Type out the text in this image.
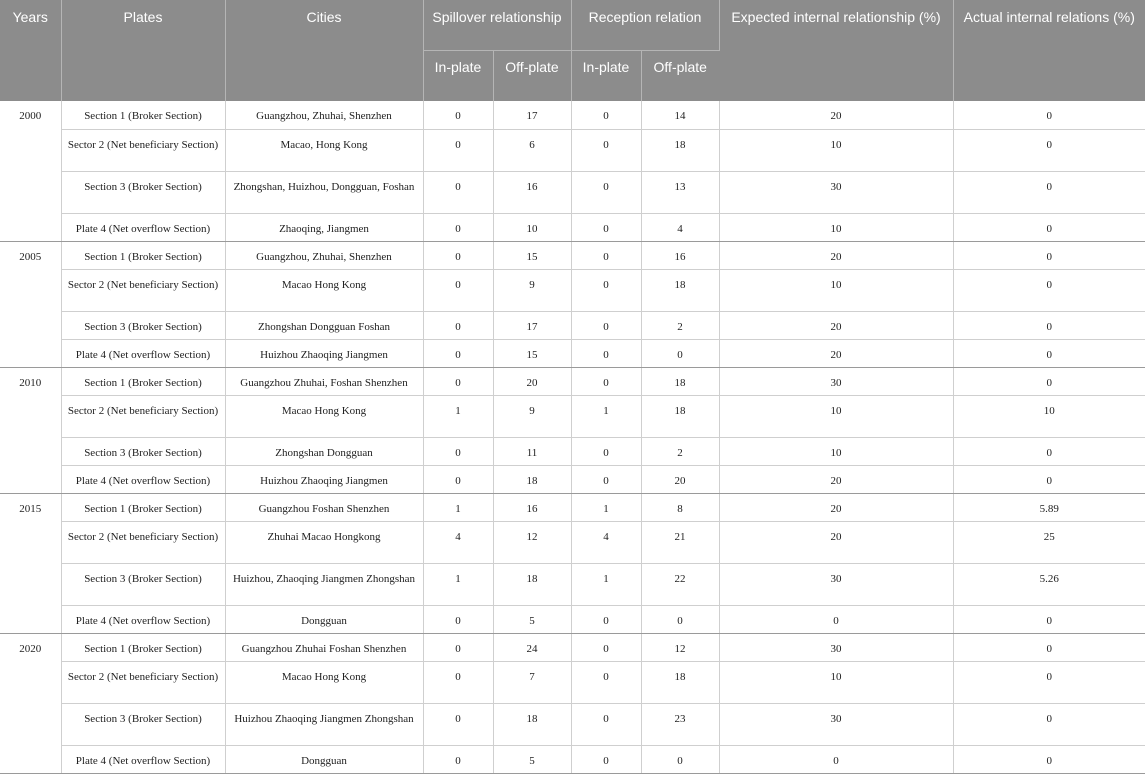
Years	Plates	Cities	Spillover relationship		Reception relation		Expected internal relationship (%)	Actual internal relations (%)
			In-plate	Off-plate	In-plate	Off-plate		
2000	Section 1 (Broker Section)	Guangzhou, Zhuhai, Shenzhen	0	17	0	14	20	0
	Sector 2 (Net beneficiary Section)	Macao, Hong Kong	0	6	0	18	10	0
	Section 3 (Broker Section)	Zhongshan, Huizhou, Dongguan, Foshan	0	16	0	13	30	0
	Plate 4 (Net overflow Section)	Zhaoqing, Jiangmen	0	10	0	4	10	0
2005	Section 1 (Broker Section)	Guangzhou, Zhuhai, Shenzhen	0	15	0	16	20	0
	Sector 2 (Net beneficiary Section)	Macao Hong Kong	0	9	0	18	10	0
	Section 3 (Broker Section)	Zhongshan Dongguan Foshan	0	17	0	2	20	0
	Plate 4 (Net overflow Section)	Huizhou Zhaoqing Jiangmen	0	15	0	0	20	0
2010	Section 1 (Broker Section)	Guangzhou Zhuhai, Foshan Shenzhen	0	20	0	18	30	0
	Sector 2 (Net beneficiary Section)	Macao Hong Kong	1	9	1	18	10	10
	Section 3 (Broker Section)	Zhongshan Dongguan	0	11	0	2	10	0
	Plate 4 (Net overflow Section)	Huizhou Zhaoqing Jiangmen	0	18	0	20	20	0
2015	Section 1 (Broker Section)	Guangzhou Foshan Shenzhen	1	16	1	8	20	5.89
	Sector 2 (Net beneficiary Section)	Zhuhai Macao Hongkong	4	12	4	21	20	25
	Section 3 (Broker Section)	Huizhou, Zhaoqing Jiangmen Zhongshan	1	18	1	22	30	5.26
	Plate 4 (Net overflow Section)	Dongguan	0	5	0	0	0	0
2020	Section 1 (Broker Section)	Guangzhou Zhuhai Foshan Shenzhen	0	24	0	12	30	0
	Sector 2 (Net beneficiary Section)	Macao Hong Kong	0	7	0	18	10	0
	Section 3 (Broker Section)	Huizhou Zhaoqing Jiangmen Zhongshan	0	18	0	23	30	0
	Plate 4 (Net overflow Section)	Dongguan	0	5	0	0	0	0
